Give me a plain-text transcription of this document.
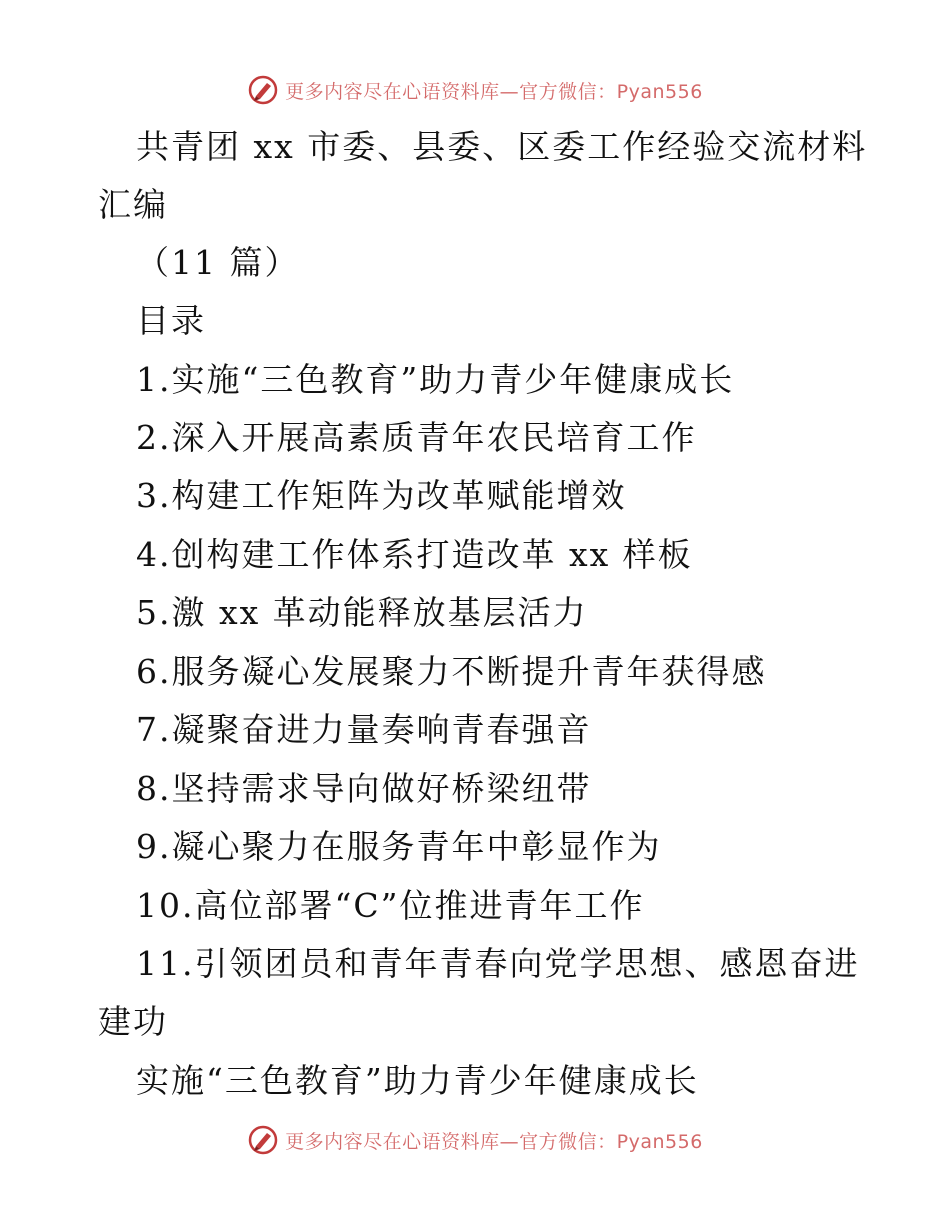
更多内容尽在心语资料库—官方微信：Pyan556
共青团 xx 市委、县委、区委工作经验交流材料
汇编
（11 篇）
目录
1.实施“三色教育”助力青少年健康成长
2.深入开展高素质青年农民培育工作
3.构建工作矩阵为改革赋能增效
4.创构建工作体系打造改革 xx 样板
5.激 xx 革动能释放基层活力
6.服务凝心发展聚力不断提升青年获得感
7.凝聚奋进力量奏响青春强音
8.坚持需求导向做好桥梁纽带
9.凝心聚力在服务青年中彰显作为
10.高位部署“C”位推进青年工作
11.引领团员和青年青春向党学思想、感恩奋进
建功
实施“三色教育”助力青少年健康成长
更多内容尽在心语资料库—官方微信：Pyan556
